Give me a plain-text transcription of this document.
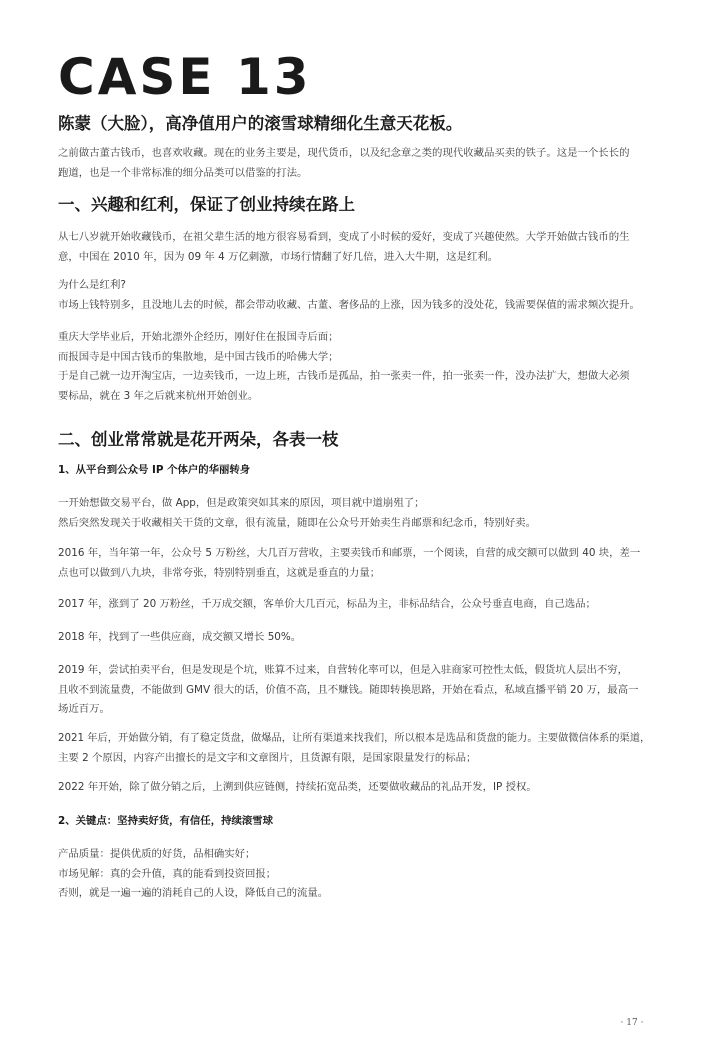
CASE 13
陈蒙（大脸），高净值用户的滚雪球精细化生意天花板。
之前做古董古钱币，也喜欢收藏。现在的业务主要是，现代货币，以及纪念章之类的现代收藏品买卖的铁子。这是一个长长的
跑道，也是一个非常标准的细分品类可以借鉴的打法。
一、兴趣和红利，保证了创业持续在路上
从七八岁就开始收藏钱币，在祖父辈生活的地方很容易看到，变成了小时候的爱好，变成了兴趣使然。大学开始做古钱币的生
意，中国在 2010 年，因为 09 年 4 万亿刺激，市场行情翻了好几倍，进入大牛期，这是红利。
为什么是红利?
市场上钱特别多，且没地儿去的时候，都会带动收藏、古董、奢侈品的上涨，因为钱多的没处花，钱需要保值的需求频次提升。
重庆大学毕业后，开始北漂外企经历，刚好住在报国寺后面；
而报国寺是中国古钱币的集散地，是中国古钱币的哈佛大学；
于是自己就一边开淘宝店，一边卖钱币，一边上班，古钱币是孤品，拍一张卖一件，拍一张卖一件，没办法扩大，想做大必须
要标品，就在 3 年之后就来杭州开始创业。
二、创业常常就是花开两朵，各表一枝
1、从平台到公众号 IP 个体户的华丽转身
一开始想做交易平台，做 App，但是政策突如其来的原因，项目就中道崩殂了；
然后突然发现关于收藏相关干货的文章，很有流量，随即在公众号开始卖生肖邮票和纪念币，特别好卖。
2016 年，当年第一年，公众号 5 万粉丝，大几百万营收，主要卖钱币和邮票，一个阅读，自营的成交额可以做到 40 块，差一
点也可以做到八九块，非常夸张，特别特别垂直，这就是垂直的力量；
2017 年，涨到了 20 万粉丝，千万成交额，客单价大几百元，标品为主，非标品结合，公众号垂直电商，自己选品；
2018 年，找到了一些供应商，成交额又增长 50%。
2019 年，尝试拍卖平台，但是发现是个坑，账算不过来，自营转化率可以，但是入驻商家可控性太低，假货坑人层出不穷，
且收不到流量费，不能做到 GMV 很大的话，价值不高，且不赚钱。随即转换思路，开始在看点，私域直播平销 20 万，最高一
场近百万。
2021 年后，开始做分销，有了稳定货盘，做爆品，让所有渠道来找我们，所以根本是选品和货盘的能力。主要做微信体系的渠道，
主要 2 个原因，内容产出擅长的是文字和文章图片，且货源有限，是国家限量发行的标品；
2022 年开始，除了做分销之后，上溯到供应链侧，持续拓宽品类，还要做收藏品的礼品开发，IP 授权。
2、关键点：坚持卖好货，有信任，持续滚雪球
产品质量：提供优质的好货，品相确实好；
市场见解：真的会升值，真的能看到投资回报；
否则，就是一遍一遍的消耗自己的人设，降低自己的流量。
· 17 ·
